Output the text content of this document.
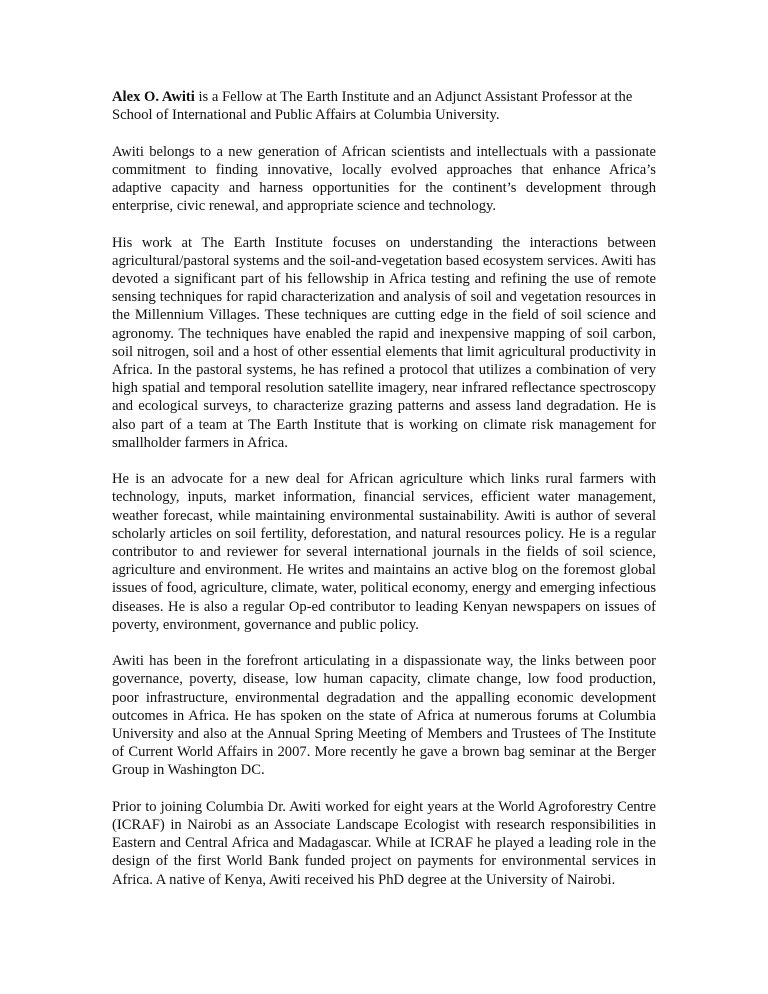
Alex O. Awiti is a Fellow at The Earth Institute and an Adjunct Assistant Professor at the School of International and Public Affairs at Columbia University.

Awiti belongs to a new generation of African scientists and intellectuals with a passionate commitment to finding innovative, locally evolved approaches that enhance Africa’s adaptive capacity and harness opportunities for the continent’s development through enterprise, civic renewal, and appropriate science and technology.

His work at The Earth Institute focuses on understanding the interactions between agricultural/pastoral systems and the soil-and-vegetation based ecosystem services. Awiti has devoted a significant part of his fellowship in Africa testing and refining the use of remote sensing techniques for rapid characterization and analysis of soil and vegetation resources in the Millennium Villages. These techniques are cutting edge in the field of soil science and agronomy. The techniques have enabled the rapid and inexpensive mapping of soil carbon, soil nitrogen, soil and a host of other essential elements that limit agricultural productivity in Africa. In the pastoral systems, he has refined a protocol that utilizes a combination of very high spatial and temporal resolution satellite imagery, near infrared reflectance spectroscopy and ecological surveys, to characterize grazing patterns and assess land degradation. He is also part of a team at The Earth Institute that is working on climate risk management for smallholder farmers in Africa.

He is an advocate for a new deal for African agriculture which links rural farmers with technology, inputs, market information, financial services, efficient water management, weather forecast, while maintaining environmental sustainability. Awiti is author of several scholarly articles on soil fertility, deforestation, and natural resources policy. He is a regular contributor to and reviewer for several international journals in the fields of soil science, agriculture and environment. He writes and maintains an active blog on the foremost global issues of food, agriculture, climate, water, political economy, energy and emerging infectious diseases. He is also a regular Op-ed contributor to leading Kenyan newspapers on issues of poverty, environment, governance and public policy.

Awiti has been in the forefront articulating in a dispassionate way, the links between poor governance, poverty, disease, low human capacity, climate change, low food production, poor infrastructure, environmental degradation and the appalling economic development outcomes in Africa. He has spoken on the state of Africa at numerous forums at Columbia University and also at the Annual Spring Meeting of Members and Trustees of The Institute of Current World Affairs in 2007. More recently he gave a brown bag seminar at the Berger Group in Washington DC.

Prior to joining Columbia Dr. Awiti worked for eight years at the World Agroforestry Centre (ICRAF) in Nairobi as an Associate Landscape Ecologist with research responsibilities in Eastern and Central Africa and Madagascar. While at ICRAF he played a leading role in the design of the first World Bank funded project on payments for environmental services in Africa. A native of Kenya, Awiti received his PhD degree at the University of Nairobi.
